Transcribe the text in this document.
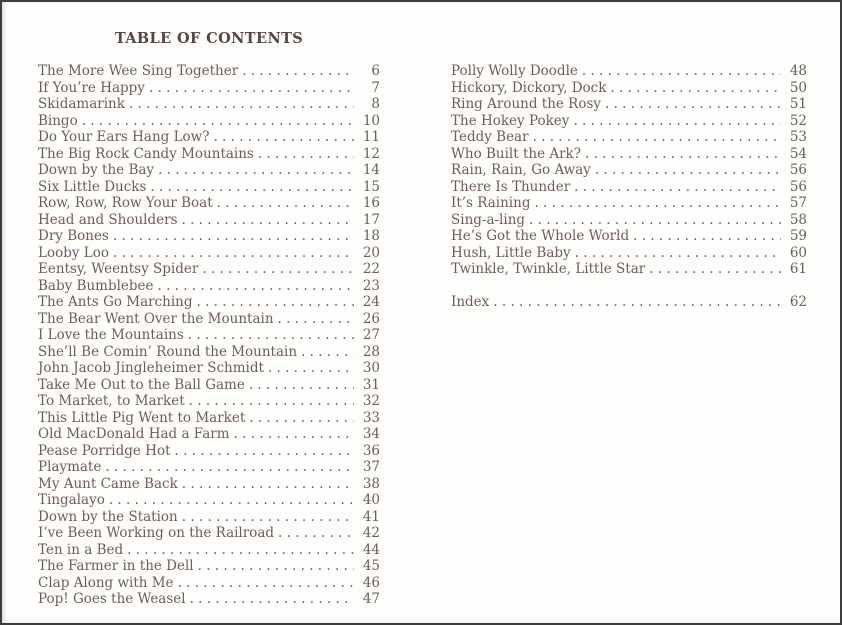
TABLE OF CONTENTS
The More Wee Sing Together . . .	6
If You’re Happy . . .	7
Skidamarink . . .	8
Bingo . . .	10
Do Your Ears Hang Low? . . .	11
The Big Rock Candy Mountains . . .	12
Down by the Bay . . .	14
Six Little Ducks . . .	15
Row, Row, Row Your Boat . . .	16
Head and Shoulders . . .	17
Dry Bones . . .	18
Looby Loo . . .	20
Eentsy, Weentsy Spider . . .	22
Baby Bumblebee . . .	23
The Ants Go Marching . . .	24
The Bear Went Over the Mountain . . .	26
I Love the Mountains . . .	27
She’ll Be Comin’ Round the Mountain . . .	28
John Jacob Jingleheimer Schmidt . . .	30
Take Me Out to the Ball Game . . .	31
To Market, to Market . . .	32
This Little Pig Went to Market . . .	33
Old MacDonald Had a Farm . . .	34
Pease Porridge Hot . . .	36
Playmate . . .	37
My Aunt Came Back . . .	38
Tingalayo . . .	40
Down by the Station . . .	41
I’ve Been Working on the Railroad . . .	42
Ten in a Bed . . .	44
The Farmer in the Dell . . .	45
Clap Along with Me . . .	46
Pop! Goes the Weasel . . .	47
Polly Wolly Doodle . . .	48
Hickory, Dickory, Dock . . .	50
Ring Around the Rosy . . .	51
The Hokey Pokey . . .	52
Teddy Bear . . .	53
Who Built the Ark? . . .	54
Rain, Rain, Go Away . . .	56
There Is Thunder . . .	56
It’s Raining . . .	57
Sing-a-ling . . .	58
He’s Got the Whole World . . .	59
Hush, Little Baby . . .	60
Twinkle, Twinkle, Little Star . . .	61
Index . . .	62
